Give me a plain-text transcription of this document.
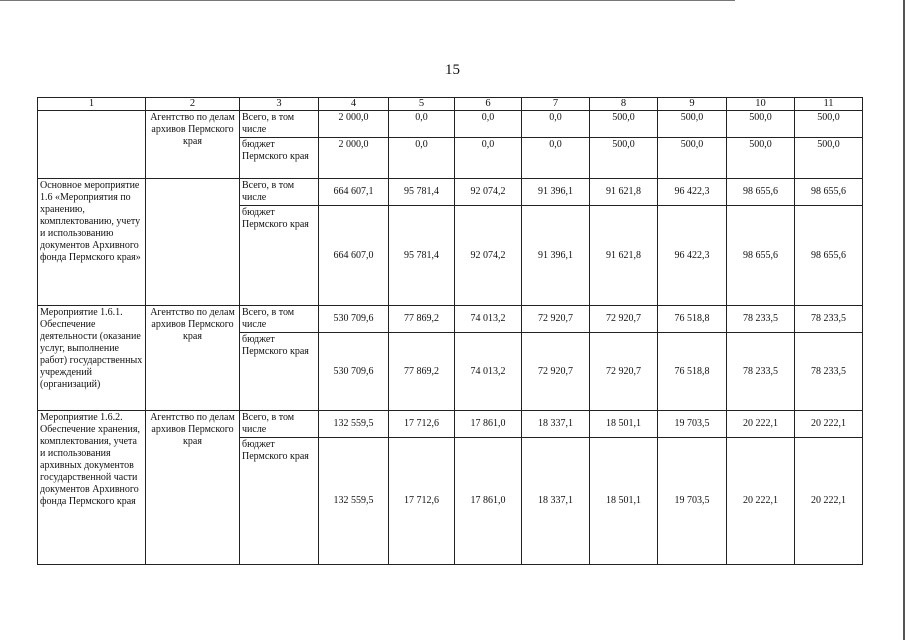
15
1	2	3	4	5	6	7	8	9	10	11
	Агентство по делам архивов Пермского края	Всего, в том числе	2 000,0	0,0	0,0	0,0	500,0	500,0	500,0	500,0
		бюджет Пермского края	2 000,0	0,0	0,0	0,0	500,0	500,0	500,0	500,0
Основное мероприятие 1.6 «Мероприятия по хранению, комплектованию, учету и использованию документов Архивного фонда Пермского края»		Всего, в том числе	664 607,1	95 781,4	92 074,2	91 396,1	91 621,8	96 422,3	98 655,6	98 655,6
		бюджет Пермского края	664 607,0	95 781,4	92 074,2	91 396,1	91 621,8	96 422,3	98 655,6	98 655,6
Мероприятие 1.6.1. Обеспечение деятельности (оказание услуг, выполнение работ) государственных учреждений (организаций)	Агентство по делам архивов Пермского края	Всего, в том числе	530 709,6	77 869,2	74 013,2	72 920,7	72 920,7	76 518,8	78 233,5	78 233,5
		бюджет Пермского края	530 709,6	77 869,2	74 013,2	72 920,7	72 920,7	76 518,8	78 233,5	78 233,5
Мероприятие 1.6.2. Обеспечение хранения, комплектования, учета и использования архивных документов государственной части документов Архивного фонда Пермского края	Агентство по делам архивов Пермского края	Всего, в том числе	132 559,5	17 712,6	17 861,0	18 337,1	18 501,1	19 703,5	20 222,1	20 222,1
		бюджет Пермского края	132 559,5	17 712,6	17 861,0	18 337,1	18 501,1	19 703,5	20 222,1	20 222,1
